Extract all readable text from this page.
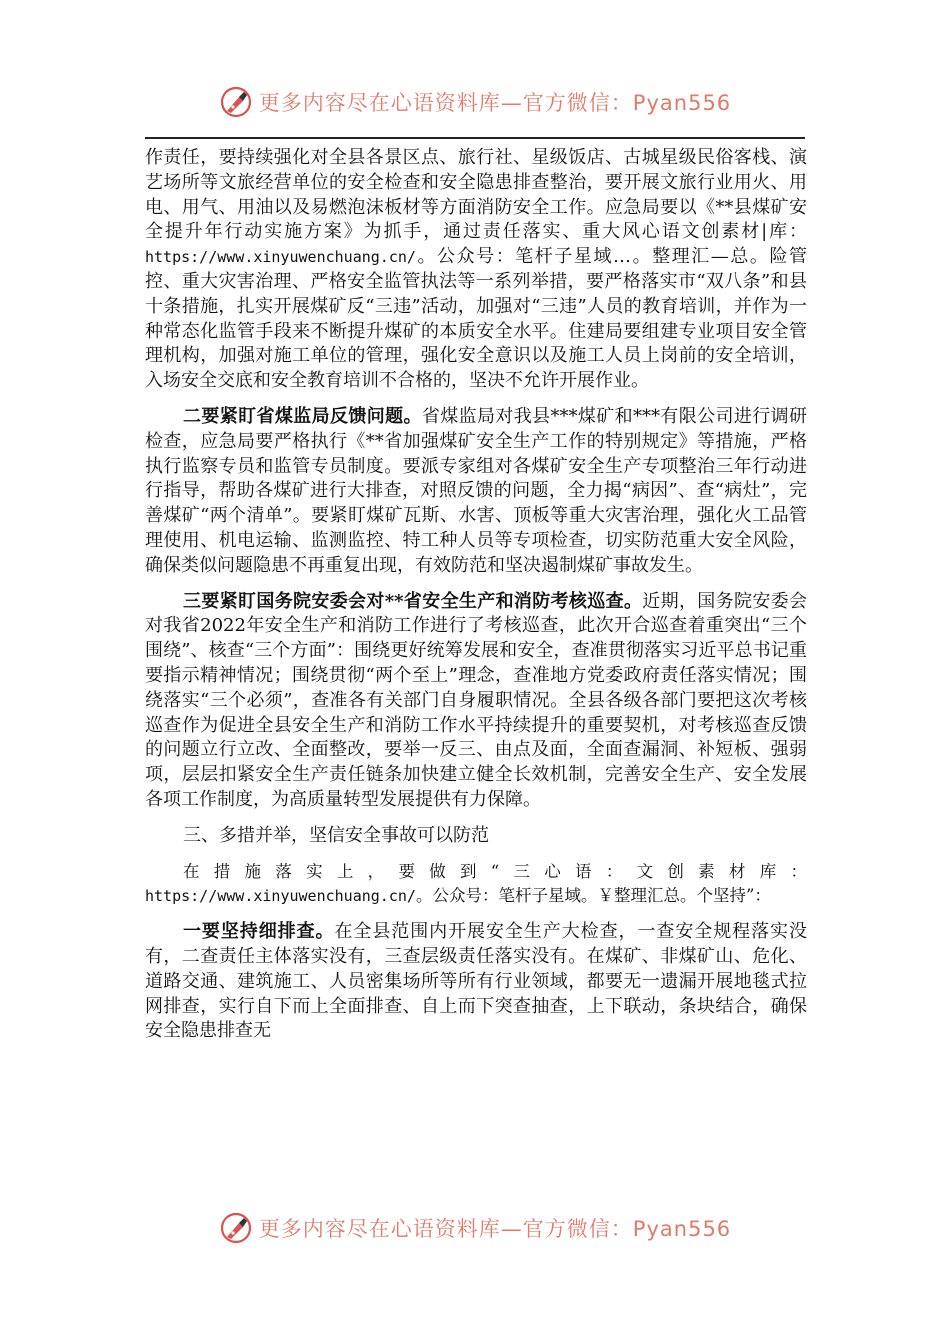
更多内容尽在心语资料库—官方微信：Pyan556

作责任，要持续强化对全县各景区点、旅行社、星级饭店、古城星级民俗客栈、演艺场所等文旅经营单位的安全检查和安全隐患排查整治，要开展文旅行业用火、用电、用气、用油以及易燃泡沫板材等方面消防安全工作。应急局要以《**县煤矿安全提升年行动实施方案》为抓手，通过责任落实、重大风心语文创素材|库：https://www.xinyuwenchuang.cn/。公众号：笔杆子星域…。整理汇—总。险管控、重大灾害治理、严格安全监管执法等一系列举措，要严格落实市“双八条”和县十条措施，扎实开展煤矿反“三违”活动，加强对“三违”人员的教育培训，并作为一种常态化监管手段来不断提升煤矿的本质安全水平。住建局要组建专业项目安全管理机构，加强对施工单位的管理，强化安全意识以及施工人员上岗前的安全培训，入场安全交底和安全教育培训不合格的，坚决不允许开展作业。

二要紧盯省煤监局反馈问题。省煤监局对我县***煤矿和***有限公司进行调研检查，应急局要严格执行《**省加强煤矿安全生产工作的特别规定》等措施，严格执行监察专员和监管专员制度。要派专家组对各煤矿安全生产专项整治三年行动进行指导，帮助各煤矿进行大排查，对照反馈的问题，全力揭“病因”、查“病灶”，完善煤矿“两个清单”。要紧盯煤矿瓦斯、水害、顶板等重大灾害治理，强化火工品管理使用、机电运输、监测监控、特工种人员等专项检查，切实防范重大安全风险，确保类似问题隐患不再重复出现，有效防范和坚决遏制煤矿事故发生。

三要紧盯国务院安委会对**省安全生产和消防考核巡查。近期，国务院安委会对我省2022年安全生产和消防工作进行了考核巡查，此次开合巡查着重突出“三个围绕”、核查“三个方面”：围绕更好统筹发展和安全，查准贯彻落实习近平总书记重要指示精神情况；围绕贯彻“两个至上”理念，查准地方党委政府责任落实情况；围绕落实“三个必须”，查准各有关部门自身履职情况。全县各级各部门要把这次考核巡查作为促进全县安全生产和消防工作水平持续提升的重要契机，对考核巡查反馈的问题立行立改、全面整改，要举一反三、由点及面，全面查漏洞、补短板、强弱项，层层扣紧安全生产责任链条加快建立健全长效机制，完善安全生产、安全发展各项工作制度，为高质量转型发展提供有力保障。

三、多措并举，坚信安全事故可以防范

在措施落实上，要做到“三心语：文创素材库：https://www.xinyuwenchuang.cn/。公众号：笔杆子星域。￥整理汇总。个坚持”：

一要坚持细排查。在全县范围内开展安全生产大检查，一查安全规程落实没有，二查责任主体落实没有，三查层级责任落实没有。在煤矿、非煤矿山、危化、道路交通、建筑施工、人员密集场所等所有行业领域，都要无一遗漏开展地毯式拉网排查，实行自下而上全面排查、自上而下突查抽查，上下联动，条块结合，确保安全隐患排查无

更多内容尽在心语资料库—官方微信：Pyan556
